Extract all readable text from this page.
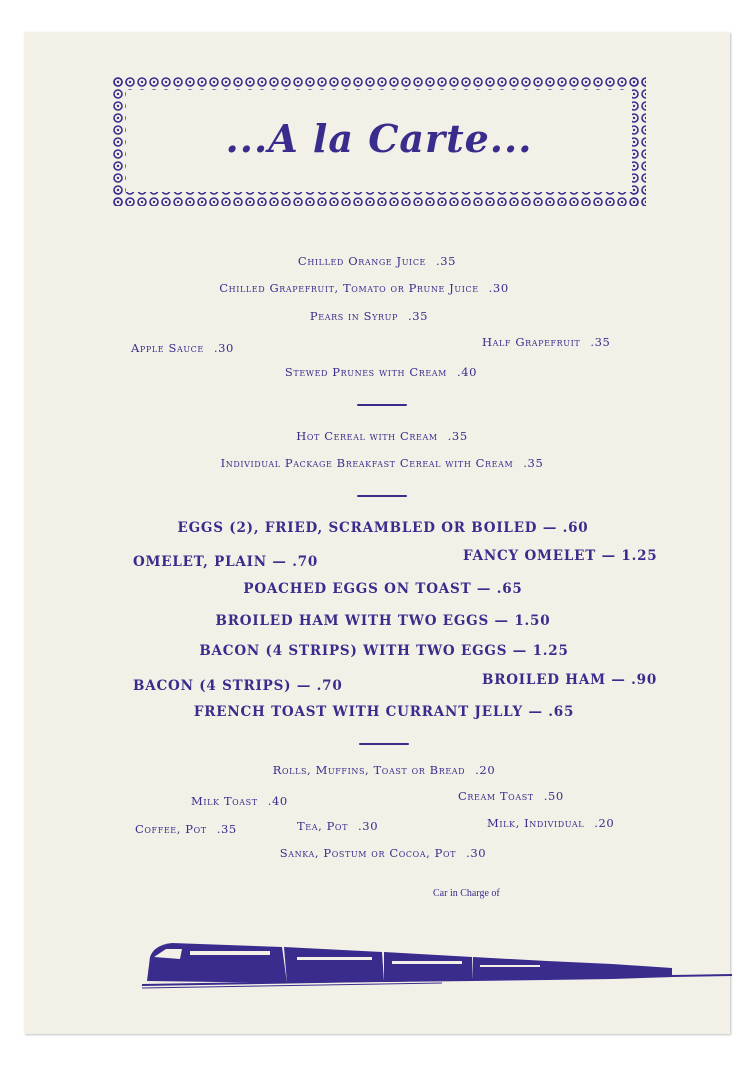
...A la Carte...
Chilled Orange Juice .35
Chilled Grapefruit, Tomato or Prune Juice .30
Pears in Syrup .35
Apple Sauce .30	Half Grapefruit .35
Stewed Prunes with Cream .40
Hot Cereal with Cream .35
Individual Package Breakfast Cereal with Cream .35
EGGS (2), FRIED, SCRAMBLED OR BOILED — .60
OMELET, PLAIN — .70	FANCY OMELET — 1.25
POACHED EGGS ON TOAST — .65
BROILED HAM WITH TWO EGGS — 1.50
BACON (4 STRIPS) WITH TWO EGGS — 1.25
BACON (4 STRIPS) — .70	BROILED HAM — .90
FRENCH TOAST WITH CURRANT JELLY — .65
Rolls, Muffins, Toast or Bread .20
Milk Toast .40	Cream Toast .50
Coffee, Pot .35	Tea, Pot .30	Milk, Individual .20
Sanka, Postum or Cocoa, Pot .30
Car in Charge of
